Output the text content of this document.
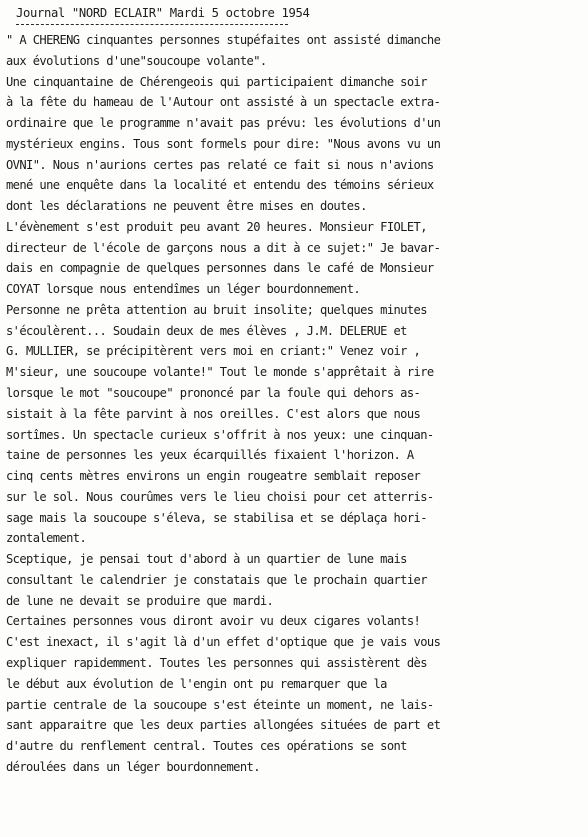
Journal "NORD ECLAIR" Mardi 5 octobre 1954
" A CHERENG cinquantes personnes stupéfaites ont assisté dimanche
aux évolutions d'une"soucoupe volante".
Une cinquantaine de Chérengeois qui participaient dimanche soir
à la fête du hameau de l'Autour ont assisté à un spectacle extra-
ordinaire que le programme n'avait pas prévu: les évolutions d'un
mystérieux engins. Tous sont formels pour dire: "Nous avons vu un
OVNI". Nous n'aurions certes pas relaté ce fait si nous n'avions
mené une enquête dans la localité et entendu des témoins sérieux
dont les déclarations ne peuvent être mises en doutes.
L'évènement s'est produit peu avant 20 heures. Monsieur FIOLET,
directeur de l'école de garçons nous a dit à ce sujet:" Je bavar-
dais en compagnie de quelques personnes dans le café de Monsieur
COYAT lorsque nous entendîmes un léger bourdonnement.
Personne ne prêta attention au bruit insolite; quelques minutes
s'écoulèrent... Soudain deux de mes élèves , J.M. DELERUE et
G. MULLIER, se précipitèrent vers moi en criant:" Venez voir ,
M'sieur, une soucoupe volante!" Tout le monde s'apprêtait à rire
lorsque le mot "soucoupe" prononcé par la foule qui dehors as-
sistait à la fête parvint à nos oreilles. C'est alors que nous
sortîmes. Un spectacle curieux s'offrit à nos yeux: une cinquan-
taine de personnes les yeux écarquillés fixaient l'horizon. A
cinq cents mètres environs un engin rougeatre semblait reposer
sur le sol. Nous courûmes vers le lieu choisi pour cet atterris-
sage mais la soucoupe s'éleva, se stabilisa et se déplaça hori-
zontalement.
Sceptique, je pensai tout d'abord à un quartier de lune mais
consultant le calendrier je constatais que le prochain quartier
de lune ne devait se produire que mardi.
Certaines personnes vous diront avoir vu deux cigares volants!
C'est inexact, il s'agit là d'un effet d'optique que je vais vous
expliquer rapidemment. Toutes les personnes qui assistèrent dès
le début aux évolution de l'engin ont pu remarquer que la
partie centrale de la soucoupe s'est éteinte un moment, ne lais-
sant apparaitre que les deux parties allongées situées de part et
d'autre du renflement central. Toutes ces opérations se sont
déroulées dans un léger bourdonnement.
